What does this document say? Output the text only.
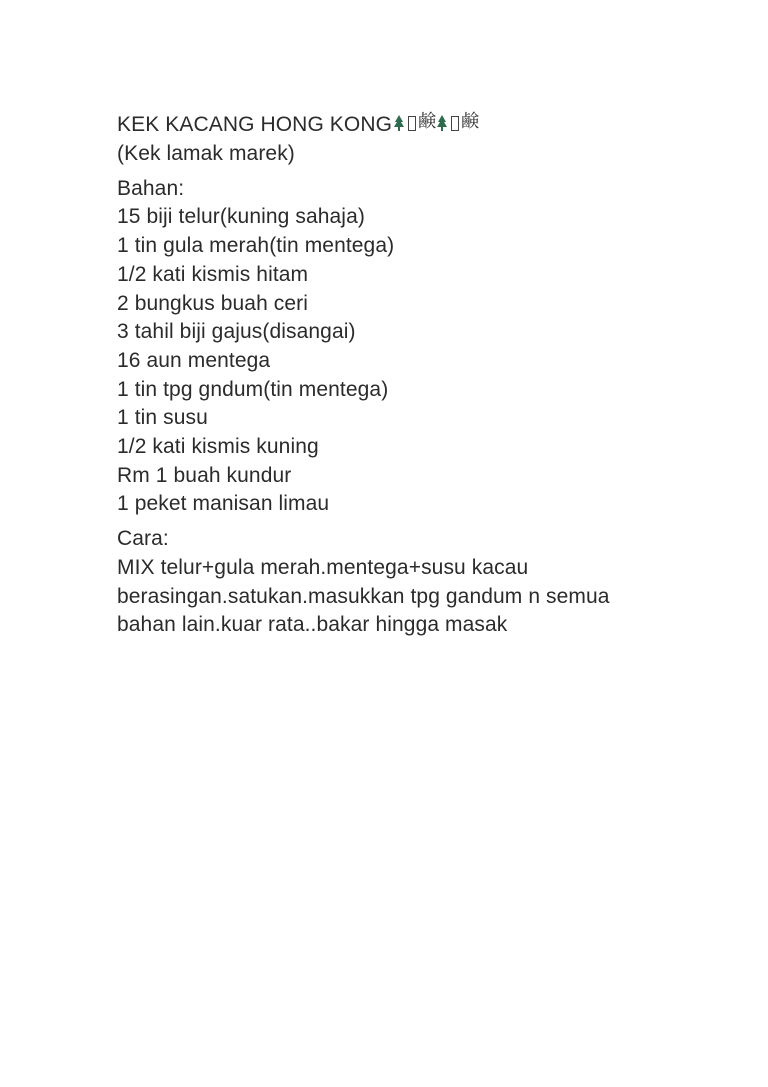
KEK KACANG HONG KONG 鹸 鹸
(Kek lamak marek)
Bahan:
15 biji telur(kuning sahaja)
1 tin gula merah(tin mentega)
1/2 kati kismis hitam
2 bungkus buah ceri
3 tahil biji gajus(disangai)
16 aun mentega
1 tin tpg gndum(tin mentega)
1 tin susu
1/2 kati kismis kuning
Rm 1 buah kundur
1 peket manisan limau
Cara:
MIX telur+gula merah.mentega+susu kacau
berasingan.satukan.masukkan tpg gandum n semua
bahan lain.kuar rata..bakar hingga masak
